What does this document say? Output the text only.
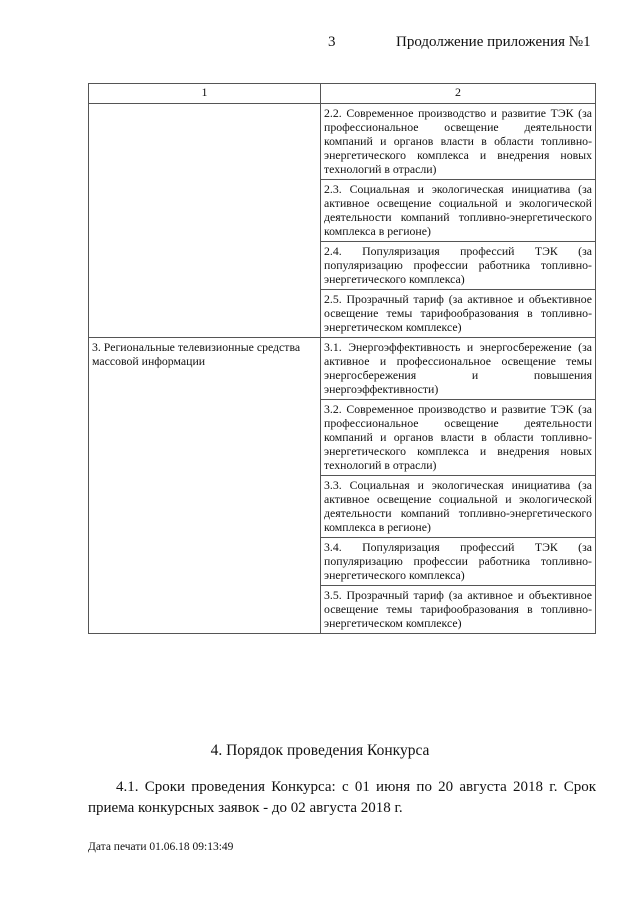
3	Продолжение приложения №1
1	2
	2.2. Современное производство и развитие ТЭК (за профессиональное освещение деятельности компаний и органов власти в области топливно-энергетического комплекса и внедрения новых технологий в отрасли)
	2.3. Социальная и экологическая инициатива (за активное освещение социальной и экологической деятельности компаний топливно-энергетического комплекса в регионе)
	2.4. Популяризация профессий ТЭК (за популяризацию профессии работника топливно-энергетического комплекса)
	2.5. Прозрачный тариф (за активное и объективное освещение темы тарифообразования в топливно-энергетическом комплексе)
3. Региональные телевизионные средства массовой информации	3.1. Энергоэффективность и энергосбережение (за активное и профессиональное освещение темы энергосбережения и повышения энергоэффективности)
	3.2. Современное производство и развитие ТЭК (за профессиональное освещение деятельности компаний и органов власти в области топливно-энергетического комплекса и внедрения новых технологий в отрасли)
	3.3. Социальная и экологическая инициатива (за активное освещение социальной и экологической деятельности компаний топливно-энергетического комплекса в регионе)
	3.4. Популяризация профессий ТЭК (за популяризацию профессии работника топливно-энергетического комплекса)
	3.5. Прозрачный тариф (за активное и объективное освещение темы тарифообразования в топливно-энергетическом комплексе)
4. Порядок проведения Конкурса
4.1. Сроки проведения Конкурса: с 01 июня по 20 августа 2018 г. Срок приема конкурсных заявок - до 02 августа 2018 г.
Дата печати 01.06.18 09:13:49
